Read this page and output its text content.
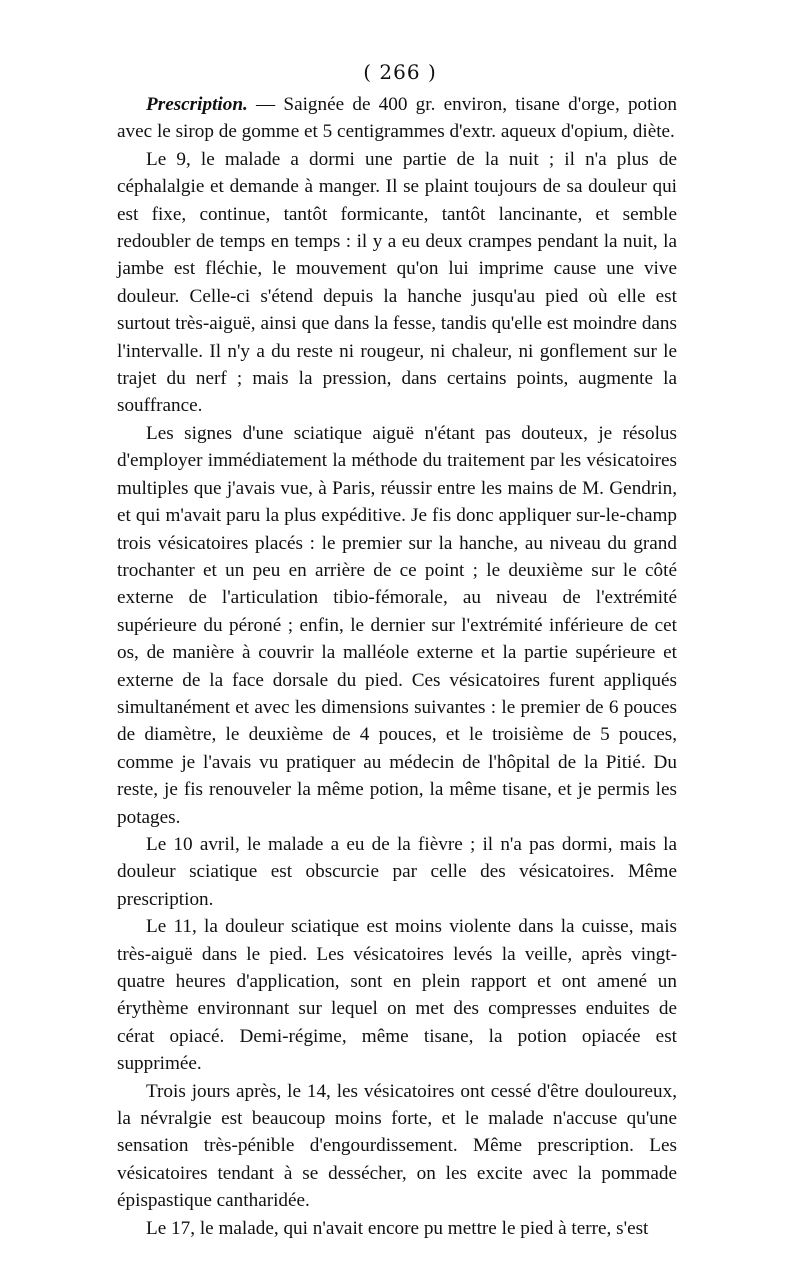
( 266 )

Prescription. — Saignée de 400 gr. environ, tisane d'orge, potion avec le sirop de gomme et 5 centigrammes d'extr. aqueux d'opium, diète.

Le 9, le malade a dormi une partie de la nuit ; il n'a plus de céphalalgie et demande à manger. Il se plaint toujours de sa douleur qui est fixe, continue, tantôt formicante, tantôt lancinante, et semble redoubler de temps en temps : il y a eu deux crampes pendant la nuit, la jambe est fléchie, le mouvement qu'on lui imprime cause une vive douleur. Celle-ci s'étend depuis la hanche jusqu'au pied où elle est surtout très-aiguë, ainsi que dans la fesse, tandis qu'elle est moindre dans l'intervalle. Il n'y a du reste ni rougeur, ni chaleur, ni gonflement sur le trajet du nerf ; mais la pression, dans certains points, augmente la souffrance.

Les signes d'une sciatique aiguë n'étant pas douteux, je résolus d'employer immédiatement la méthode du traitement par les vésicatoires multiples que j'avais vue, à Paris, réussir entre les mains de M. Gendrin, et qui m'avait paru la plus expéditive. Je fis donc appliquer sur-le-champ trois vésicatoires placés : le premier sur la hanche, au niveau du grand trochanter et un peu en arrière de ce point ; le deuxième sur le côté externe de l'articulation tibio-fémorale, au niveau de l'extrémité supérieure du péroné ; enfin, le dernier sur l'extrémité inférieure de cet os, de manière à couvrir la malléole externe et la partie supérieure et externe de la face dorsale du pied. Ces vésicatoires furent appliqués simultanément et avec les dimensions suivantes : le premier de 6 pouces de diamètre, le deuxième de 4 pouces, et le troisième de 5 pouces, comme je l'avais vu pratiquer au médecin de l'hôpital de la Pitié. Du reste, je fis renouveler la même potion, la même tisane, et je permis les potages.

Le 10 avril, le malade a eu de la fièvre ; il n'a pas dormi, mais la douleur sciatique est obscurcie par celle des vésicatoires. Même prescription.

Le 11, la douleur sciatique est moins violente dans la cuisse, mais très-aiguë dans le pied. Les vésicatoires levés la veille, après vingt-quatre heures d'application, sont en plein rapport et ont amené un érythème environnant sur lequel on met des compresses enduites de cérat opiacé. Demi-régime, même tisane, la potion opiacée est supprimée.

Trois jours après, le 14, les vésicatoires ont cessé d'être douloureux, la névralgie est beaucoup moins forte, et le malade n'accuse qu'une sensation très-pénible d'engourdissement. Même prescription. Les vésicatoires tendant à se dessécher, on les excite avec la pommade épispastique cantharidée.

Le 17, le malade, qui n'avait encore pu mettre le pied à terre, s'est
